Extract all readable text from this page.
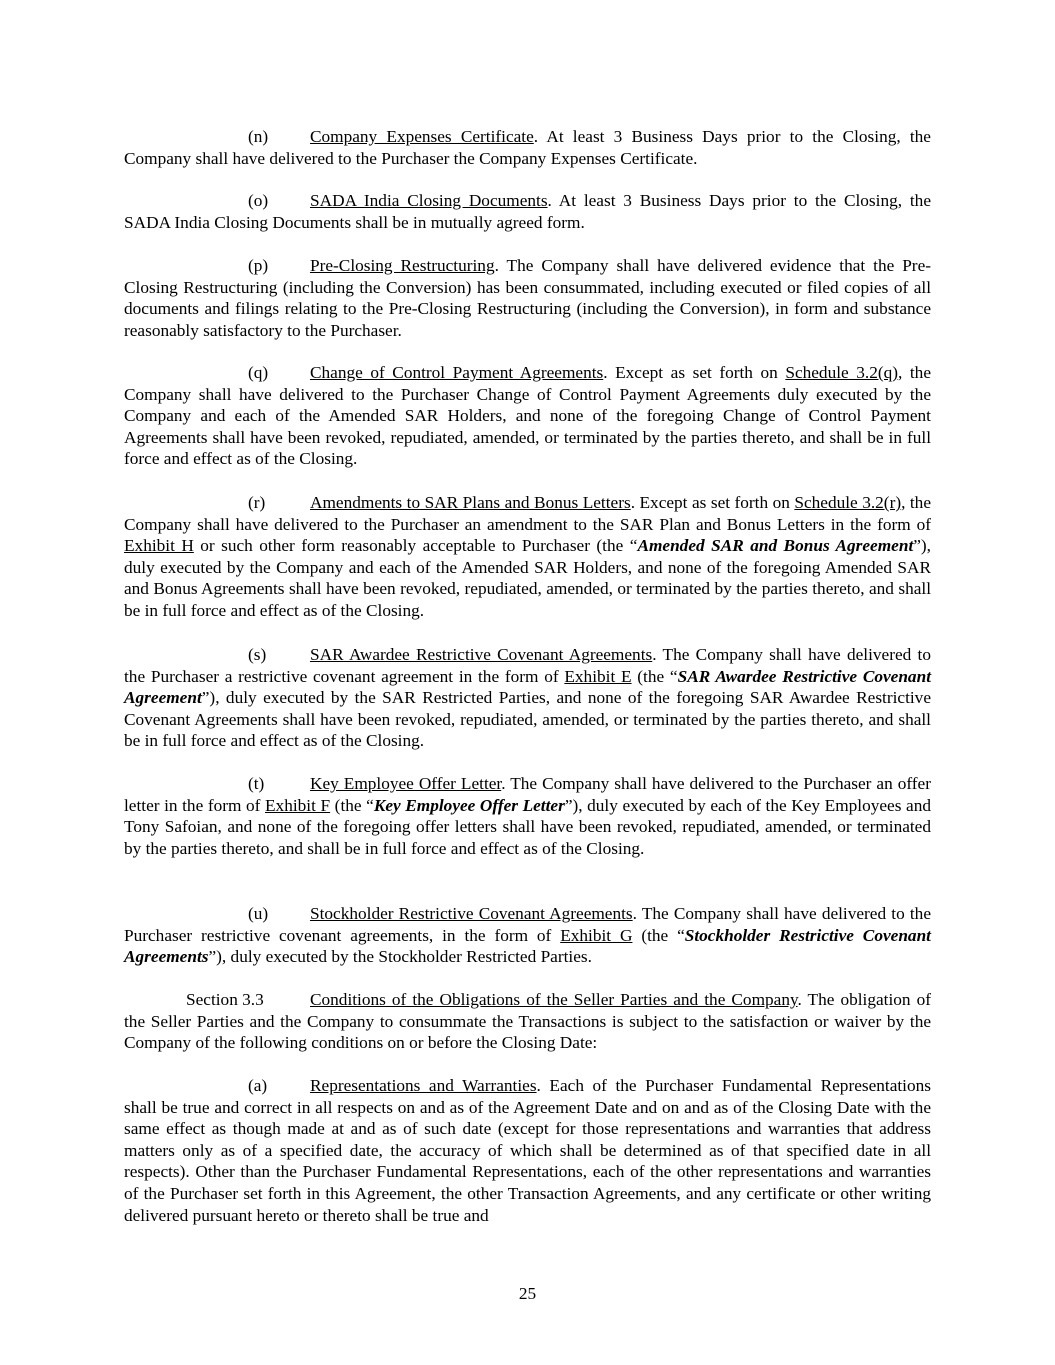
(n) Company Expenses Certificate. At least 3 Business Days prior to the Closing, the Company shall have delivered to the Purchaser the Company Expenses Certificate.

(o) SADA India Closing Documents. At least 3 Business Days prior to the Closing, the SADA India Closing Documents shall be in mutually agreed form.

(p) Pre-Closing Restructuring. The Company shall have delivered evidence that the Pre-Closing Restructuring (including the Conversion) has been consummated, including executed or filed copies of all documents and filings relating to the Pre-Closing Restructuring (including the Conversion), in form and substance reasonably satisfactory to the Purchaser.

(q) Change of Control Payment Agreements. Except as set forth on Schedule 3.2(q), the Company shall have delivered to the Purchaser Change of Control Payment Agreements duly executed by the Company and each of the Amended SAR Holders, and none of the foregoing Change of Control Payment Agreements shall have been revoked, repudiated, amended, or terminated by the parties thereto, and shall be in full force and effect as of the Closing.

(r)	Amendments to SAR Plans and Bonus Letters. Except as set forth on Schedule 3.2(r), the Company shall have delivered to the Purchaser an amendment to the SAR Plan and Bonus Letters in the form of Exhibit H or such other form reasonably acceptable to Purchaser (the “Amended SAR and Bonus Agreement”), duly executed by the Company and each of the Amended SAR Holders, and none of the foregoing Amended SAR and Bonus Agreements shall have been revoked, repudiated, amended, or terminated by the parties thereto, and shall be in full force and effect as of the Closing.

(s)	SAR Awardee Restrictive Covenant Agreements. The Company shall have delivered to the Purchaser a restrictive covenant agreement in the form of Exhibit E (the “SAR Awardee Restrictive Covenant Agreement”), duly executed by the SAR Restricted Parties, and none of the foregoing SAR Awardee Restrictive Covenant Agreements shall have been revoked, repudiated, amended, or terminated by the parties thereto, and shall be in full force and effect as of the Closing.

(t)	Key Employee Offer Letter. The Company shall have delivered to the Purchaser an offer letter in the form of Exhibit F (the “Key Employee Offer Letter”), duly executed by each of the Key Employees and Tony Safoian, and none of the foregoing offer letters shall have been revoked, repudiated, amended, or terminated by the parties thereto, and shall be in full force and effect as of the Closing.

(u) Stockholder Restrictive Covenant Agreements. The Company shall have delivered to the Purchaser restrictive covenant agreements, in the form of Exhibit G (the “Stockholder Restrictive Covenant Agreements”), duly executed by the Stockholder Restricted Parties.

Section 3.3	Conditions of the Obligations of the Seller Parties and the Company. The obligation of the Seller Parties and the Company to consummate the Transactions is subject to the satisfaction or waiver by the Company of the following conditions on or before the Closing Date:

(a) Representations and Warranties. Each of the Purchaser Fundamental Representations shall be true and correct in all respects on and as of the Agreement Date and on and as of the Closing Date with the same effect as though made at and as of such date (except for those representations and warranties that address matters only as of a specified date, the accuracy of which shall be determined as of that specified date in all respects). Other than the Purchaser Fundamental Representations, each of the other representations and warranties of the Purchaser set forth in this Agreement, the other Transaction Agreements, and any certificate or other writing delivered pursuant hereto or thereto shall be true and

25
